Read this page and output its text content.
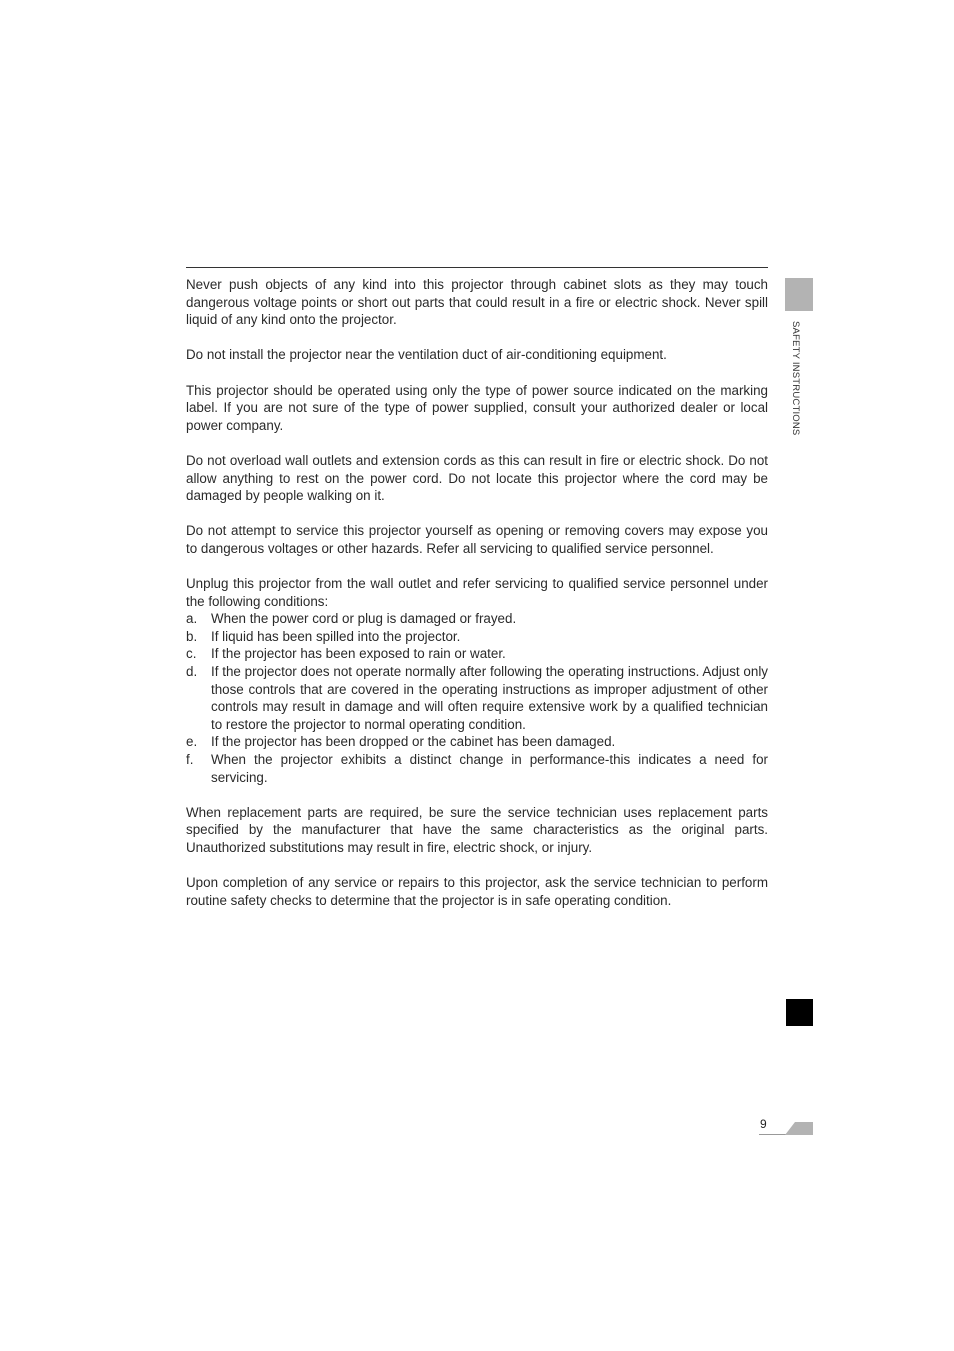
SAFETY INSTRUCTIONS

Never push objects of any kind into this projector through cabinet slots as they may touch dangerous voltage points or short out parts that could result in a fire or electric shock. Never spill liquid of any kind onto the projector.

Do not install the projector near the ventilation duct of air-conditioning equipment.

This projector should be operated using only the type of power source indicated on the marking label. If you are not sure of the type of power supplied, consult your authorized dealer or local power company.

Do not overload wall outlets and extension cords as this can result in fire or electric shock. Do not allow anything to rest on the power cord. Do not locate this projector where the cord may be damaged by people walking on it.

Do not attempt to service this projector yourself as opening or removing covers may expose you to dangerous voltages or other hazards. Refer all servicing to qualified service personnel.

Unplug this projector from the wall outlet and refer servicing to qualified service personnel under the following conditions:

a.	When the power cord or plug is damaged or frayed.
b.	If liquid has been spilled into the projector.
c.	If the projector has been exposed to rain or water.
d.	If the projector does not operate normally after following the operating instructions. Adjust only those controls that are covered in the operating instructions as improper adjustment of other controls may result in damage and will often require extensive work by a qualified technician to restore the projector to normal operating condition.
e.	If the projector has been dropped or the cabinet has been damaged.
f.	When the projector exhibits a distinct change in performance-this indicates a need for servicing.

When replacement parts are required, be sure the service technician uses replacement parts specified by the manufacturer that have the same characteristics as the original parts. Unauthorized substitutions may result in fire, electric shock, or injury.

Upon completion of any service or repairs to this projector, ask the service technician to perform routine safety checks to determine that the projector is in safe operating condition.

9
